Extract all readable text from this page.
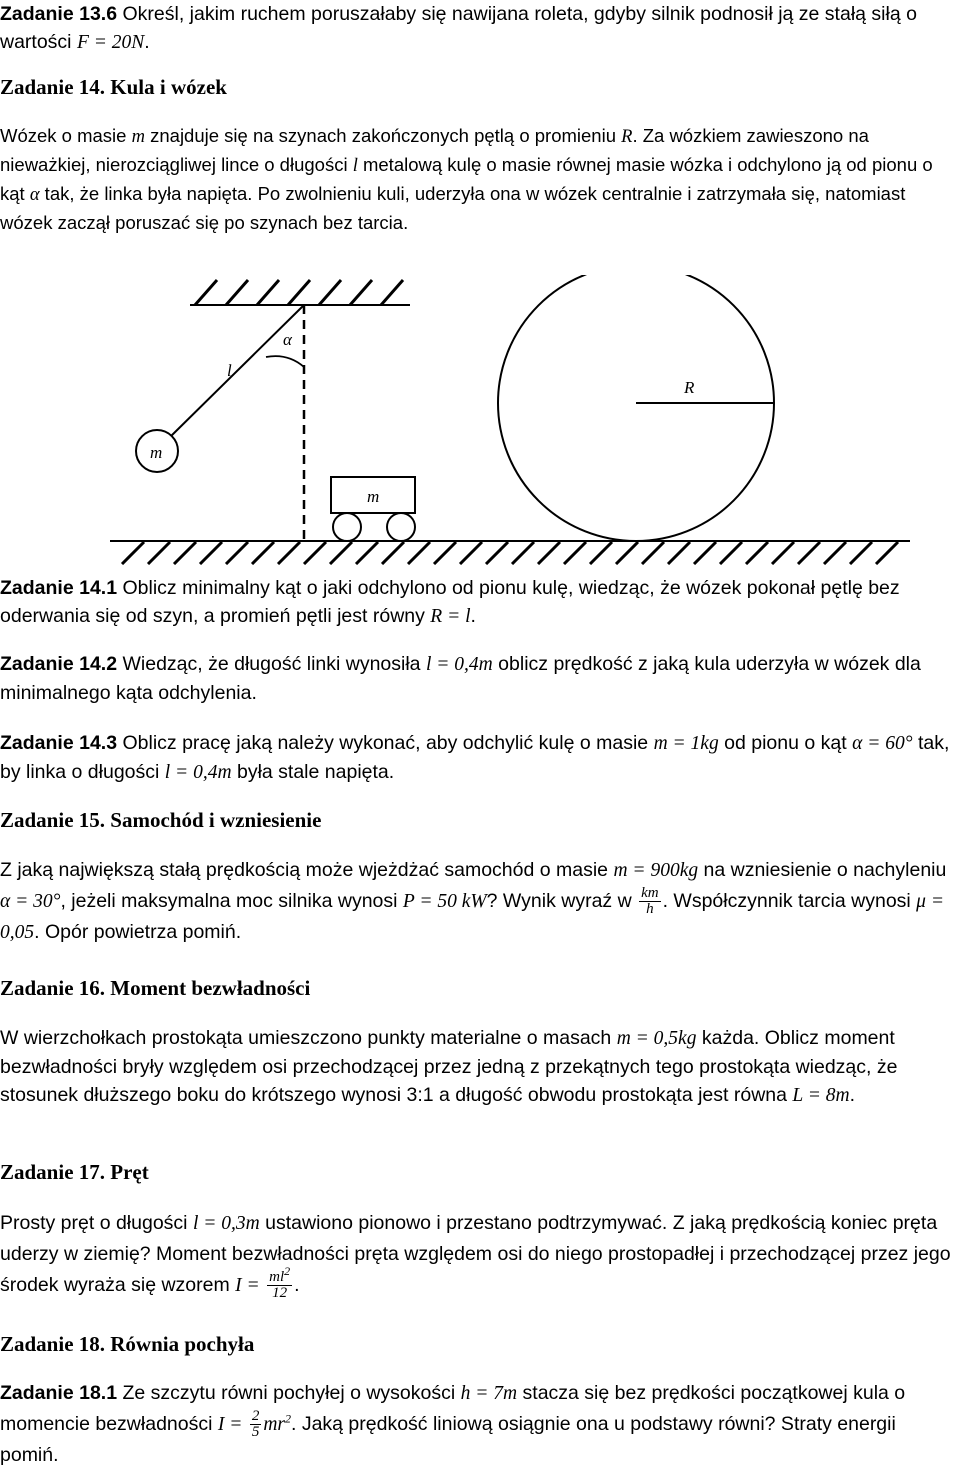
Zadanie 13.6 Określ, jakim ruchem poruszałaby się nawijana roleta, gdyby silnik podnosił ją ze stałą siłą o wartości F = 20N.

Zadanie 14. Kula i wózek

Wózek o masie m znajduje się na szynach zakończonych pętlą o promieniu R. Za wózkiem zawieszono na nieważkiej, nierozciągliwej lince o długości l metalową kulę o masie równej masie wózka i odchylono ją od pionu o kąt α tak, że linka była napięta. Po zwolnieniu kuli, uderzyła ona w wózek centralnie i zatrzymała się, natomiast wózek zaczął poruszać się po szynach bez tarcia.

α
l
m
m
R

Zadanie 14.1 Oblicz minimalny kąt o jaki odchylono od pionu kulę, wiedząc, że wózek pokonał pętlę bez oderwania się od szyn, a promień pętli jest równy R = l.

Zadanie 14.2 Wiedząc, że długość linki wynosiła l = 0,4m oblicz prędkość z jaką kula uderzyła w wózek dla minimalnego kąta odchylenia.

Zadanie 14.3 Oblicz pracę jaką należy wykonać, aby odchylić kulę o masie m = 1kg od pionu o kąt α = 60° tak, by linka o długości l = 0,4m była stale napięta.

Zadanie 15. Samochód i wzniesienie

Z jaką największą stałą prędkością może wjeżdżać samochód o masie m = 900kg na wzniesienie o nachyleniu α = 30°, jeżeli maksymalna moc silnika wynosi P = 50 kW? Wynik wyraź w $\frac{km}{h}$ . Współczynnik tarcia wynosi μ = 0,05. Opór powietrza pomiń.

Zadanie 16. Moment bezwładności

W wierzchołkach prostokąta umieszczono punkty materialne o masach m = 0,5kg każda. Oblicz moment bezwładności bryły względem osi przechodzącej przez jedną z przekątnych tego prostokąta wiedząc, że stosunek dłuższego boku do krótszego wynosi 3:1 a długość obwodu prostokąta jest równa L = 8m.

Zadanie 17. Pręt

Prosty pręt o długości l = 0,3m ustawiono pionowo i przestano podtrzymywać. Z jaką prędkością koniec pręta uderzy w ziemię? Moment bezwładności pręta względem osi do niego prostopadłej i przechodzącej przez jego środek wyraża się wzorem $I = \frac{ml^2}{12}$ .

Zadanie 18. Równia pochyła

Zadanie 18.1 Ze szczytu równi pochyłej o wysokości h = 7m stacza się bez prędkości początkowej kula o momencie bezwładności $I = \frac{2}{5} mr^2$. Jaką prędkość liniową osiągnie ona u podstawy równi? Straty energii pomiń.
